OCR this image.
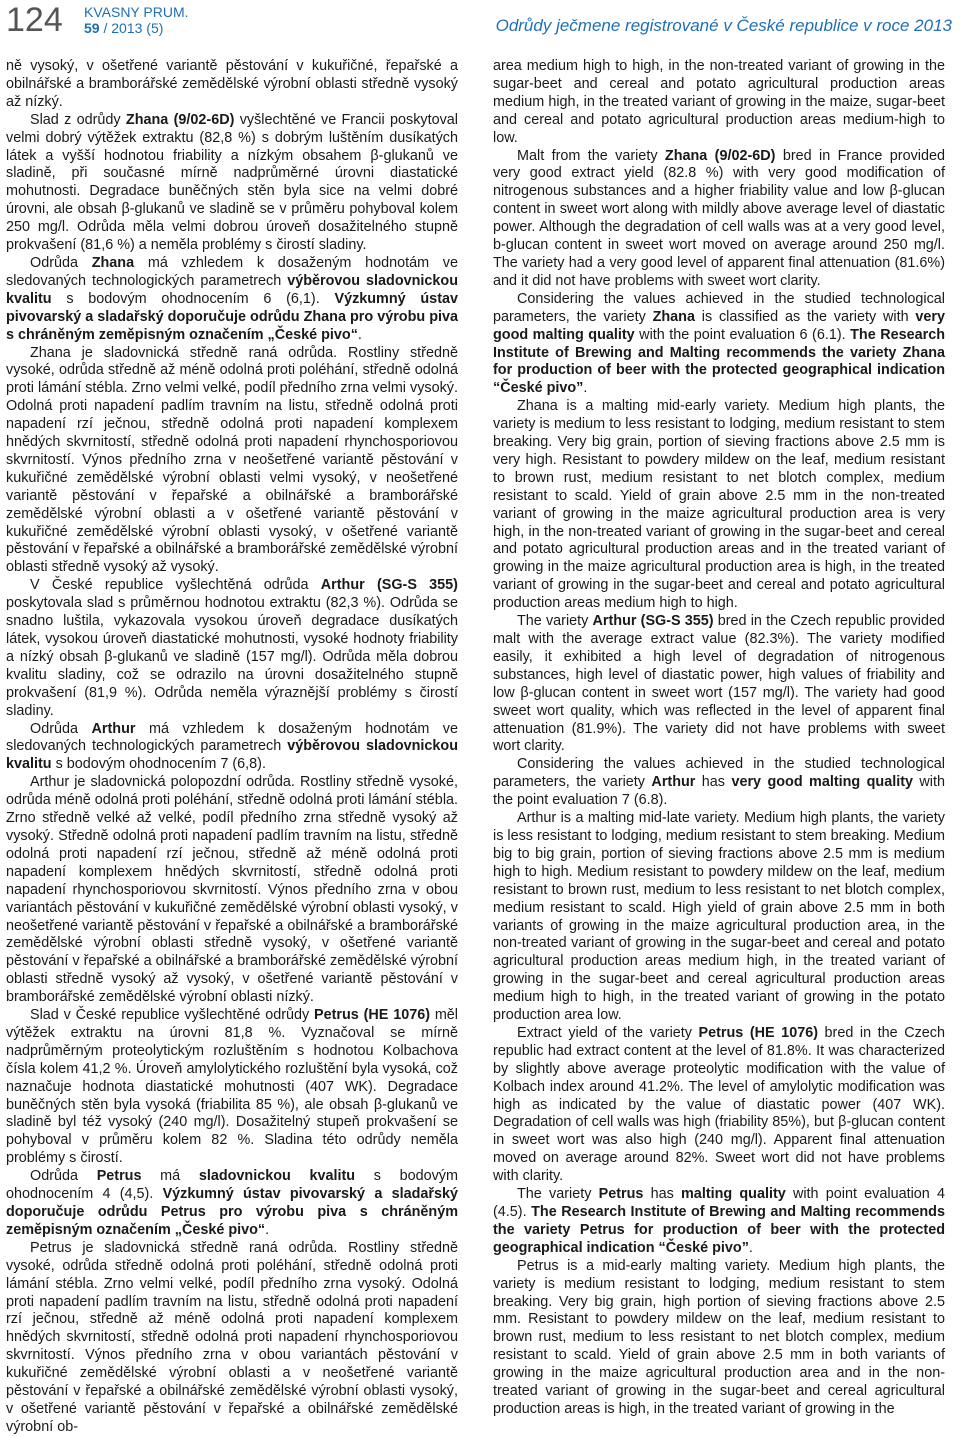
124 KVASNY PRUM.
59 / 2013 (5)	Odrůdy ječmene registrované v České republice v roce 2013

ně vysoký, v ošetřené variantě pěstování v kukuřičné, řepařské a obilnářské a bramborářské zemědělské výrobní oblasti středně vysoký až nízký.

Slad z odrůdy Zhana (9/02-6D) vyšlechtěné ve Francii poskytoval velmi dobrý výtěžek extraktu (82,8 %) s dobrým luštěním dusíkatých látek a vyšší hodnotou friability a nízkým obsahem β-glukanů ve sladině, při současné mírně nadprůměrné úrovni diastatické mohutnosti. Degradace buněčných stěn byla sice na velmi dobré úrovni, ale obsah β-glukanů ve sladině se v průměru pohyboval kolem 250 mg/l. Odrůda měla velmi dobrou úroveň dosažitelného stupně prokvašení (81,6 %) a neměla problémy s čirostí sladiny.

Odrůda Zhana má vzhledem k dosaženým hodnotám ve sledovaných technologických parametrech výběrovou sladovnickou kvalitu s bodovým ohodnocením 6 (6,1). Výzkumný ústav pivovarský a sladařský doporučuje odrůdu Zhana pro výrobu piva s chráněným zeměpisným označením „České pivo“.

Zhana je sladovnická středně raná odrůda. Rostliny středně vysoké, odrůda středně až méně odolná proti poléhání, středně odolná proti lámání stébla. Zrno velmi velké, podíl předního zrna velmi vysoký. Odolná proti napadení padlím travním na listu, středně odolná proti napadení rzí ječnou, středně odolná proti napadení komplexem hnědých skvrnitostí, středně odolná proti napadení rhynchosporiovou skvrnitostí. Výnos předního zrna v neošetřené variantě pěstování v kukuřičné zemědělské výrobní oblasti velmi vysoký, v neošetřené variantě pěstování v řepařské a obilnářské a bramborářské zemědělské výrobní oblasti a v ošetřené variantě pěstování v kukuřičné zemědělské výrobní oblasti vysoký, v ošetřené variantě pěstování v řepařské a obilnářské a bramborářské zemědělské výrobní oblasti středně vysoký až vysoký.

V České republice vyšlechtěná odrůda Arthur (SG-S 355) poskytovala slad s průměrnou hodnotou extraktu (82,3 %). Odrůda se snadno luštila, vykazovala vysokou úroveň degradace dusíkatých látek, vysokou úroveň diastatické mohutnosti, vysoké hodnoty friability a nízký obsah β-glukanů ve sladině (157 mg/l). Odrůda měla dobrou kvalitu sladiny, což se odrazilo na úrovni dosažitelného stupně prokvašení (81,9 %). Odrůda neměla výraznější problémy s čirostí sladiny.

Odrůda Arthur má vzhledem k dosaženým hodnotám ve sledovaných technologických parametrech výběrovou sladovnickou kvalitu s bodovým ohodnocením 7 (6,8).

Arthur je sladovnická polopozdní odrůda. Rostliny středně vysoké, odrůda méně odolná proti poléhání, středně odolná proti lámání stébla. Zrno středně velké až velké, podíl předního zrna středně vysoký až vysoký. Středně odolná proti napadení padlím travním na listu, středně odolná proti napadení rzí ječnou, středně až méně odolná proti napadení komplexem hnědých skvrnitostí, středně odolná proti napadení rhynchosporiovou skvrnitostí. Výnos předního zrna v obou variantách pěstování v kukuřičné zemědělské výrobní oblasti vysoký, v neošetřené variantě pěstování v řepařské a obilnářské a bramborářské zemědělské výrobní oblasti středně vysoký, v ošetřené variantě pěstování v řepařské a obilnářské a bramborářské zemědělské výrobní oblasti středně vysoký až vysoký, v ošetřené variantě pěstování v bramborářské zemědělské výrobní oblasti nízký.

Slad v České republice vyšlechtěné odrůdy Petrus (HE 1076) měl výtěžek extraktu na úrovni 81,8 %. Vyznačoval se mírně nadprůměrným proteolytickým rozluštěním s hodnotou Kolbachova čísla kolem 41,2 %. Úroveň amylolytického rozluštění byla vysoká, což naznačuje hodnota diastatické mohutnosti (407 WK). Degradace buněčných stěn byla vysoká (friabilita 85 %), ale obsah β-glukanů ve sladině byl též vysoký (240 mg/l). Dosažitelný stupeň prokvašení se pohyboval v průměru kolem 82 %. Sladina této odrůdy neměla problémy s čirostí.

Odrůda Petrus má sladovnickou kvalitu s bodovým ohodnocením 4 (4,5). Výzkumný ústav pivovarský a sladařský doporučuje odrůdu Petrus pro výrobu piva s chráněným zeměpisným označením „České pivo“.

Petrus je sladovnická středně raná odrůda. Rostliny středně vysoké, odrůda středně odolná proti poléhání, středně odolná proti lámání stébla. Zrno velmi velké, podíl předního zrna vysoký. Odolná proti napadení padlím travním na listu, středně odolná proti napadení rzí ječnou, středně až méně odolná proti napadení komplexem hnědých skvrnitostí, středně odolná proti napadení rhynchosporiovou skvrnitostí. Výnos předního zrna v obou variantách pěstování v kukuřičné zemědělské výrobní oblasti a v neošetřené variantě pěstování v řepařské a obilnářské zemědělské výrobní oblasti vysoký, v ošetřené variantě pěstování v řepařské a obilnářské zemědělské výrobní ob-

area medium high to high, in the non-treated variant of growing in the sugar-beet and cereal and potato agricultural production areas medium high, in the treated variant of growing in the maize, sugar-beet and cereal and potato agricultural production areas medium-high to low.

Malt from the variety Zhana (9/02-6D) bred in France provided very good extract yield (82.8 %) with very good modification of nitrogenous substances and a higher friability value and low β-glucan content in sweet wort along with mildly above average level of diastatic power. Although the degradation of cell walls was at a very good level, b-glucan content in sweet wort moved on average around 250 mg/l. The variety had a very good level of apparent final attenuation (81.6%) and it did not have problems with sweet wort clarity.

Considering the values achieved in the studied technological parameters, the variety Zhana is classified as the variety with very good malting quality with the point evaluation 6 (6.1). The Research Institute of Brewing and Malting recommends the variety Zhana for production of beer with the protected geographical indication “České pivo”.

Zhana is a malting mid-early variety. Medium high plants, the variety is medium to less resistant to lodging, medium resistant to stem breaking. Very big grain, portion of sieving fractions above 2.5 mm is very high. Resistant to powdery mildew on the leaf, medium resistant to brown rust, medium resistant to net blotch complex, medium resistant to scald. Yield of grain above 2.5 mm in the non-treated variant of growing in the maize agricultural production area is very high, in the non-treated variant of growing in the sugar-beet and cereal and potato agricultural production areas and in the treated variant of growing in the maize agricultural production area is high, in the treated variant of growing in the sugar-beet and cereal and potato agricultural production areas medium high to high.

The variety Arthur (SG-S 355) bred in the Czech republic provided malt with the average extract value (82.3%). The variety modified easily, it exhibited a high level of degradation of nitrogenous substances, high level of diastatic power, high values of friability and low β-glucan content in sweet wort (157 mg/l). The variety had good sweet wort quality, which was reflected in the level of apparent final attenuation (81.9%). The variety did not have problems with sweet wort clarity.

Considering the values achieved in the studied technological parameters, the variety Arthur has very good malting quality with the point evaluation 7 (6.8).

Arthur is a malting mid-late variety. Medium high plants, the variety is less resistant to lodging, medium resistant to stem breaking. Medium big to big grain, portion of sieving fractions above 2.5 mm is medium high to high. Medium resistant to powdery mildew on the leaf, medium resistant to brown rust, medium to less resistant to net blotch complex, medium resistant to scald. High yield of grain above 2.5 mm in both variants of growing in the maize agricultural production area, in the non-treated variant of growing in the sugar-beet and cereal and potato agricultural production areas medium high, in the treated variant of growing in the sugar-beet and cereal agricultural production areas medium high to high, in the treated variant of growing in the potato production area low.

Extract yield of the variety Petrus (HE 1076) bred in the Czech republic had extract content at the level of 81.8%. It was characterized by slightly above average proteolytic modification with the value of Kolbach index around 41.2%. The level of amylolytic modification was high as indicated by the value of diastatic power (407 WK). Degradation of cell walls was high (friability 85%), but β-glucan content in sweet wort was also high (240 mg/l). Apparent final attenuation moved on average around 82%. Sweet wort did not have problems with clarity.

The variety Petrus has malting quality with point evaluation 4 (4.5). The Research Institute of Brewing and Malting recommends the variety Petrus for production of beer with the protected geographical indication “České pivo”.

Petrus is a mid-early malting variety. Medium high plants, the variety is medium resistant to lodging, medium resistant to stem breaking. Very big grain, high portion of sieving fractions above 2.5 mm. Resistant to powdery mildew on the leaf, medium resistant to brown rust, medium to less resistant to net blotch complex, medium resistant to scald. Yield of grain above 2.5 mm in both variants of growing in the maize agricultural production area and in the non-treated variant of growing in the sugar-beet and cereal agricultural production areas is high, in the treated variant of growing in the
